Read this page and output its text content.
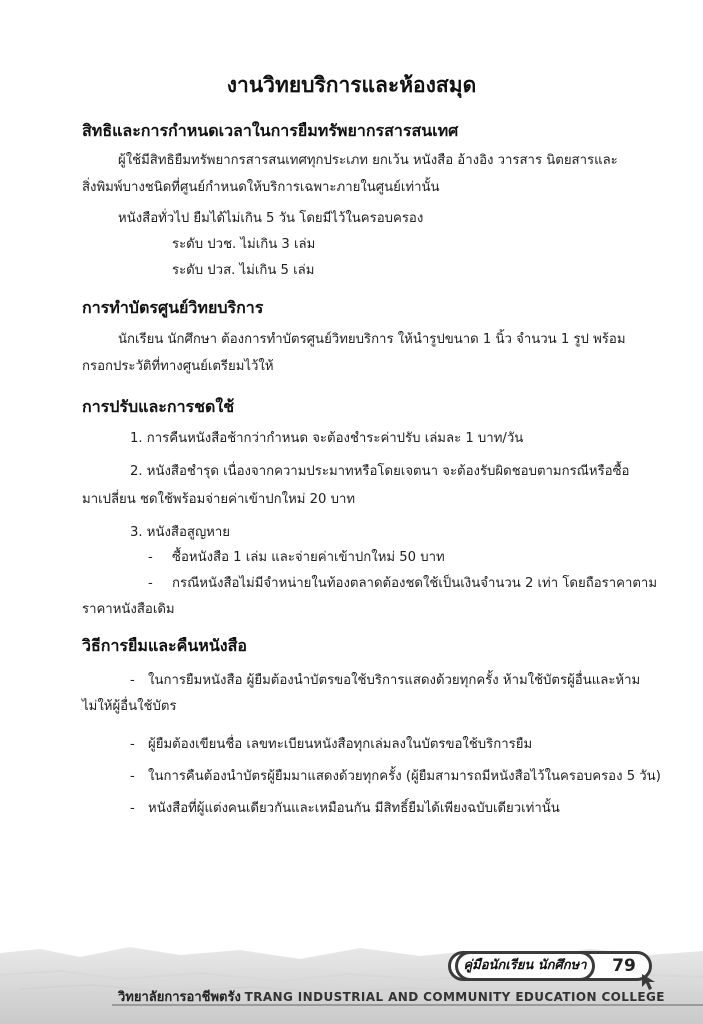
งานวิทยบริการและห้องสมุด
สิทธิและการกำหนดเวลาในการยืมทรัพยากรสารสนเทศ
ผู้ใช้มีสิทธิยืมทรัพยากรสารสนเทศทุกประเภท ยกเว้น หนังสือ อ้างอิง วารสาร นิตยสารและ
สิ่งพิมพ์บางชนิดที่ศูนย์กำหนดให้บริการเฉพาะภายในศูนย์เท่านั้น
หนังสือทั่วไป ยืมได้ไม่เกิน 5 วัน โดยมีไว้ในครอบครอง
ระดับ ปวช. ไม่เกิน 3 เล่ม
ระดับ ปวส. ไม่เกิน 5 เล่ม
การทำบัตรศูนย์วิทยบริการ
นักเรียน นักศึกษา ต้องการทำบัตรศูนย์วิทยบริการ ให้นำรูปขนาด 1 นิ้ว จำนวน 1 รูป พร้อม
กรอกประวัติที่ทางศูนย์เตรียมไว้ให้
การปรับและการชดใช้
1. การคืนหนังสือช้ากว่ากำหนด จะต้องชำระค่าปรับ เล่มละ 1 บาท/วัน
2. หนังสือชำรุด เนื่องจากความประมาทหรือโดยเจตนา จะต้องรับผิดชอบตามกรณีหรือซื้อ
มาเปลี่ยน ชดใช้พร้อมจ่ายค่าเข้าปกใหม่ 20 บาท
3. หนังสือสูญหาย
- ซื้อหนังสือ 1 เล่ม และจ่ายค่าเข้าปกใหม่ 50 บาท
- กรณีหนังสือไม่มีจำหน่ายในท้องตลาดต้องชดใช้เป็นเงินจำนวน 2 เท่า โดยถือราคาตาม
ราคาหนังสือเดิม
วิธีการยืมและคืนหนังสือ
- ในการยืมหนังสือ ผู้ยืมต้องนำบัตรขอใช้บริการแสดงด้วยทุกครั้ง ห้ามใช้บัตรผู้อื่นและห้าม
ไม่ให้ผู้อื่นใช้บัตร
- ผู้ยืมต้องเขียนชื่อ เลขทะเบียนหนังสือทุกเล่มลงในบัตรขอใช้บริการยืม
- ในการคืนต้องนำบัตรผู้ยืมมาแสดงด้วยทุกครั้ง (ผู้ยืมสามารถมีหนังสือไว้ในครอบครอง 5 วัน)
- หนังสือที่ผู้แต่งคนเดียวกันและเหมือนกัน มีสิทธิ์ยืมได้เพียงฉบับเดียวเท่านั้น
คู่มือนักเรียน นักศึกษา	79
วิทยาลัยการอาชีพตรัง TRANG INDUSTRIAL AND COMMUNITY EDUCATION COLLEGE
